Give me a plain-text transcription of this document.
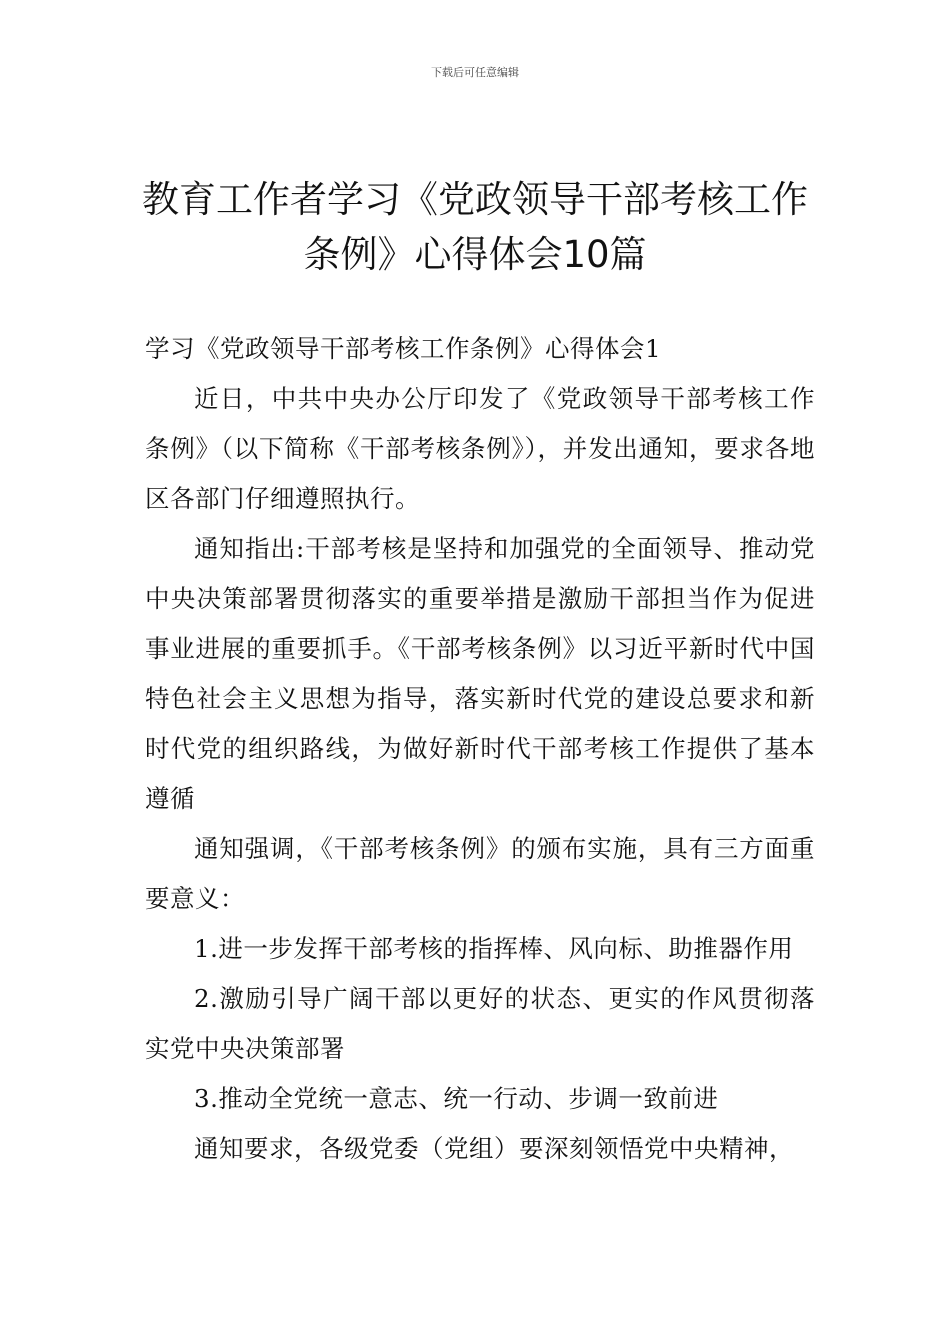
下载后可任意编辑
教育工作者学习《党政领导干部考核工作
条例》心得体会10篇

学习《党政领导干部考核工作条例》心得体会1

近日，中共中央办公厅印发了《党政领导干部考核工作条例》（以下简称《干部考核条例》），并发出通知，要求各地区各部门仔细遵照执行。

通知指出:干部考核是坚持和加强党的全面领导、推动党中央决策部署贯彻落实的重要举措是激励干部担当作为促进事业进展的重要抓手。《干部考核条例》以习近平新时代中国特色社会主义思想为指导，落实新时代党的建设总要求和新时代党的组织路线，为做好新时代干部考核工作提供了基本遵循

通知强调，《干部考核条例》的颁布实施，具有三方面重要意义：

1.进一步发挥干部考核的指挥棒、风向标、助推器作用

2.激励引导广阔干部以更好的状态、更实的作风贯彻落实党中央决策部署

3.推动全党统一意志、统一行动、步调一致前进

通知要求，各级党委（党组）要深刻领悟党中央精神，
